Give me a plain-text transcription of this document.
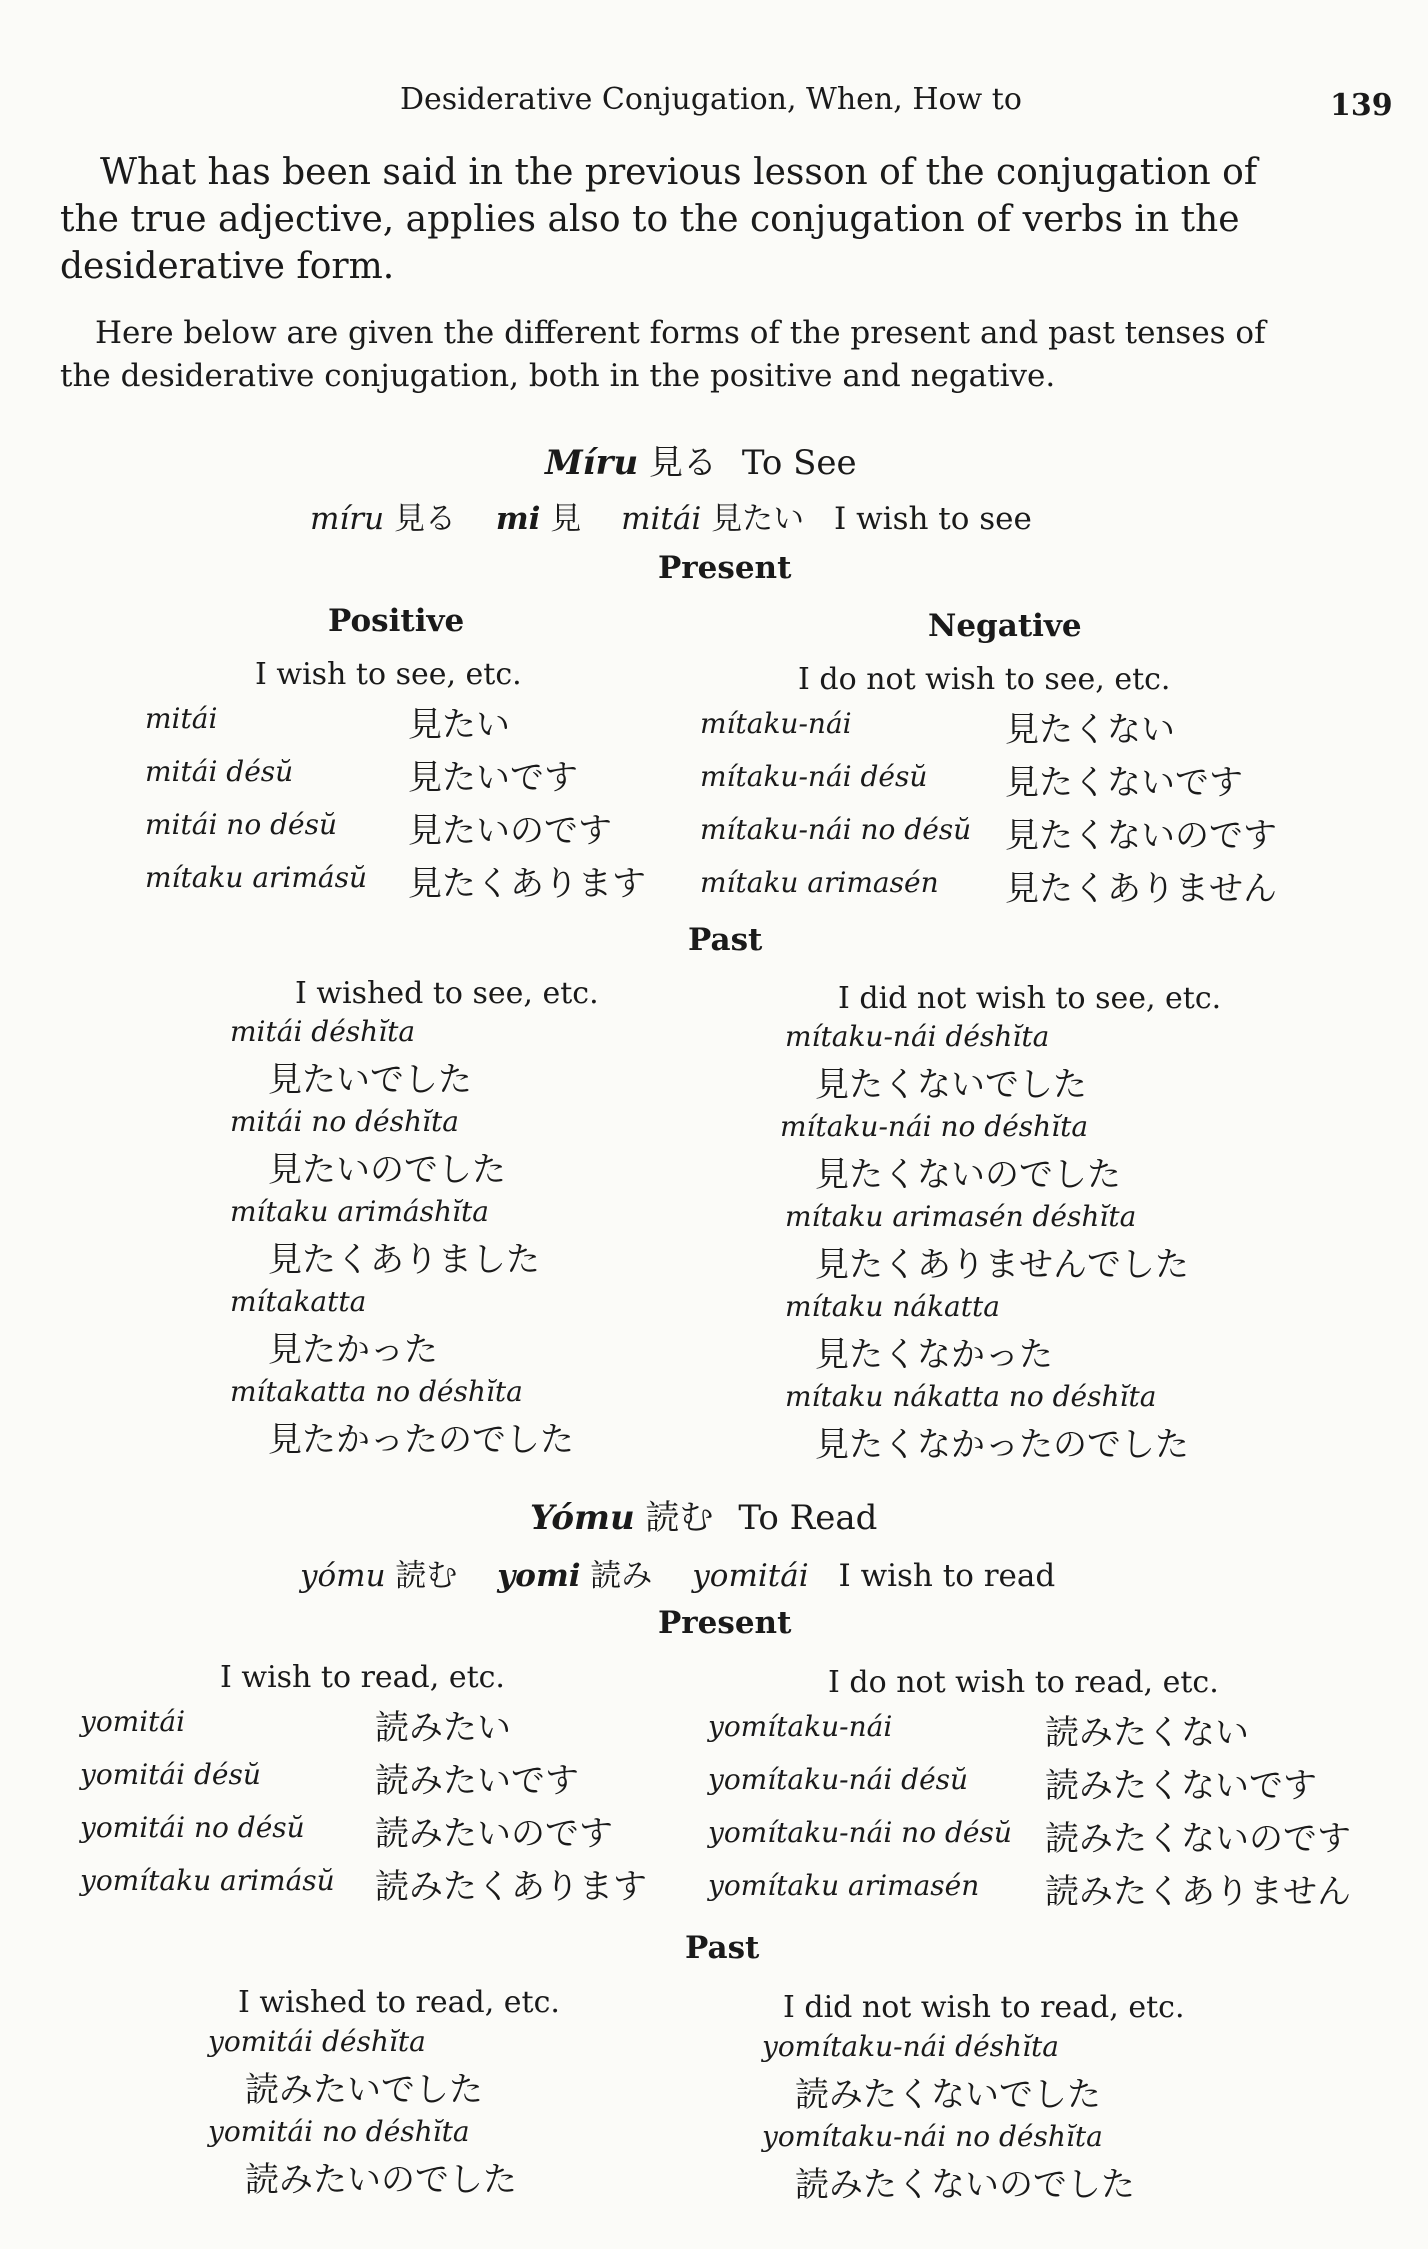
Desiderative Conjugation, When, How to	139
What has been said in the previous lesson of the conjugation of
the true adjective, applies also to the conjugation of verbs in the
desiderative form.
Here below are given the different forms of the present and past tenses of
the desiderative conjugation, both in the positive and negative.
Míru 見る To See
míru 見る mi 見 mitái 見たい I wish to see
Present
Positive	Negative
I wish to see, etc.	I do not wish to see, etc.
mitái	見たい
mitái désŭ	見たいです
mitái no désŭ 見たいのです
mítaku arimásŭ 見たくあります
mítaku-nái	見たくない
mítaku-nái désŭ 見たくないです
mítaku-nái no désŭ 見たくないのです
mítaku arimasén 見たくありません
Past
I wished to see, etc.	I did not wish to see, etc.
mitái déshĭta
見たいでした
mitái no déshĭta
見たいのでした
mítaku arimáshĭta
見たくありました
mítakatta
見たかった
mítakatta no déshĭta
見たかったのでした
mítaku-nái déshĭta
見たくないでした
mítaku-nái no déshĭta
見たくないのでした
mítaku arimasén déshĭta
見たくありませんでした
mítaku nákatta
見たくなかった
mítaku nákatta no déshĭta
見たくなかったのでした
Yómu 読む To Read
yómu 読む yomi 読み yomitái I wish to read
Present
I wish to read, etc.	I do not wish to read, etc.
yomitái	読みたい
yomitái désŭ	読みたいです
yomitái no désŭ 読みたいのです
yomítaku arimásŭ 読みたくあります
yomítaku-nái	読みたくない
yomítaku-nái désŭ 読みたくないです
yomítaku-nái no désŭ 読みたくないのです
yomítaku arimasén 読みたくありません
Past
I wished to read, etc.	I did not wish to read, etc.
yomitái déshĭta
読みたいでした
yomitái no déshĭta
読みたいのでした
yomítaku-nái déshĭta
読みたくないでした
yomítaku-nái no déshĭta
読みたくないのでした
